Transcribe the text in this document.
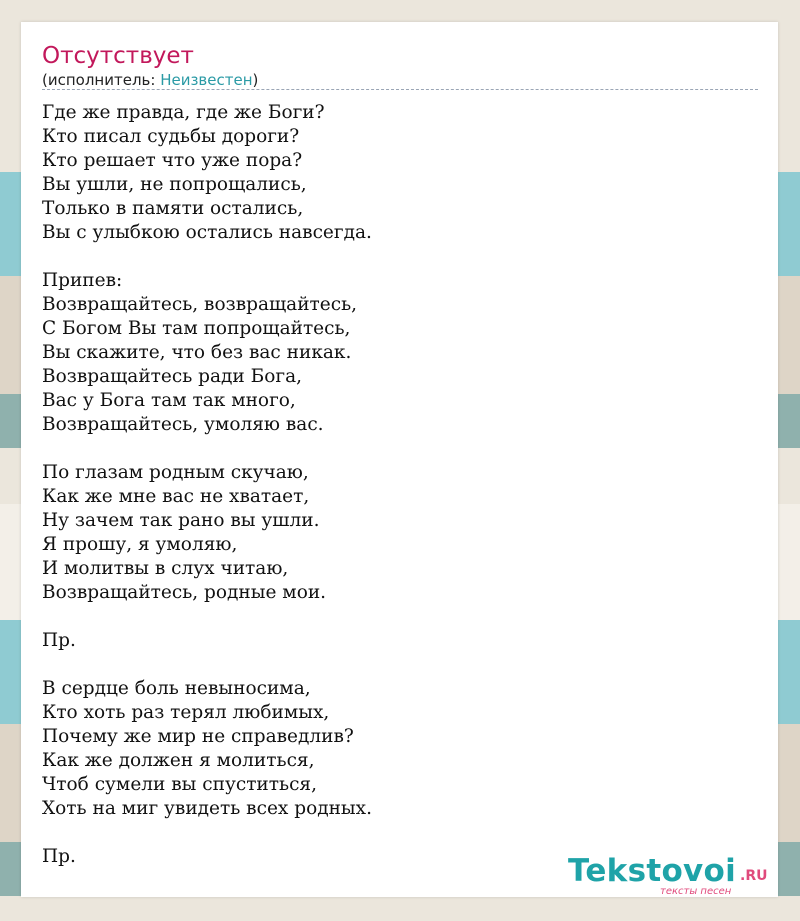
Отсутствует
(исполнитель: Неизвестен)
Где же правда, где же Боги?
Кто писал судьбы дороги?
Кто решает что уже пора?
Вы ушли, не попрощались,
Только в памяти остались,
Вы с улыбкою остались навсегда.

Припев:
Возвращайтесь, возвращайтесь,
С Богом Вы там попрощайтесь,
Вы скажите, что без вас никак.
Возвращайтесь ради Бога,
Вас у Бога там так много,
Возвращайтесь, умоляю вас.

По глазам родным скучаю,
Как же мне вас не хватает,
Ну зачем так рано вы ушли.
Я прошу, я умоляю,
И молитвы в слух читаю,
Возвращайтесь, родные мои.

Пр.

В сердце боль невыносима,
Кто хоть раз терял любимых,
Почему же мир не справедлив?
Как же должен я молиться,
Чтоб сумели вы спуститься,
Хоть на миг увидеть всех родных.

Пр.	Tekstovoi .RU
тексты песен
